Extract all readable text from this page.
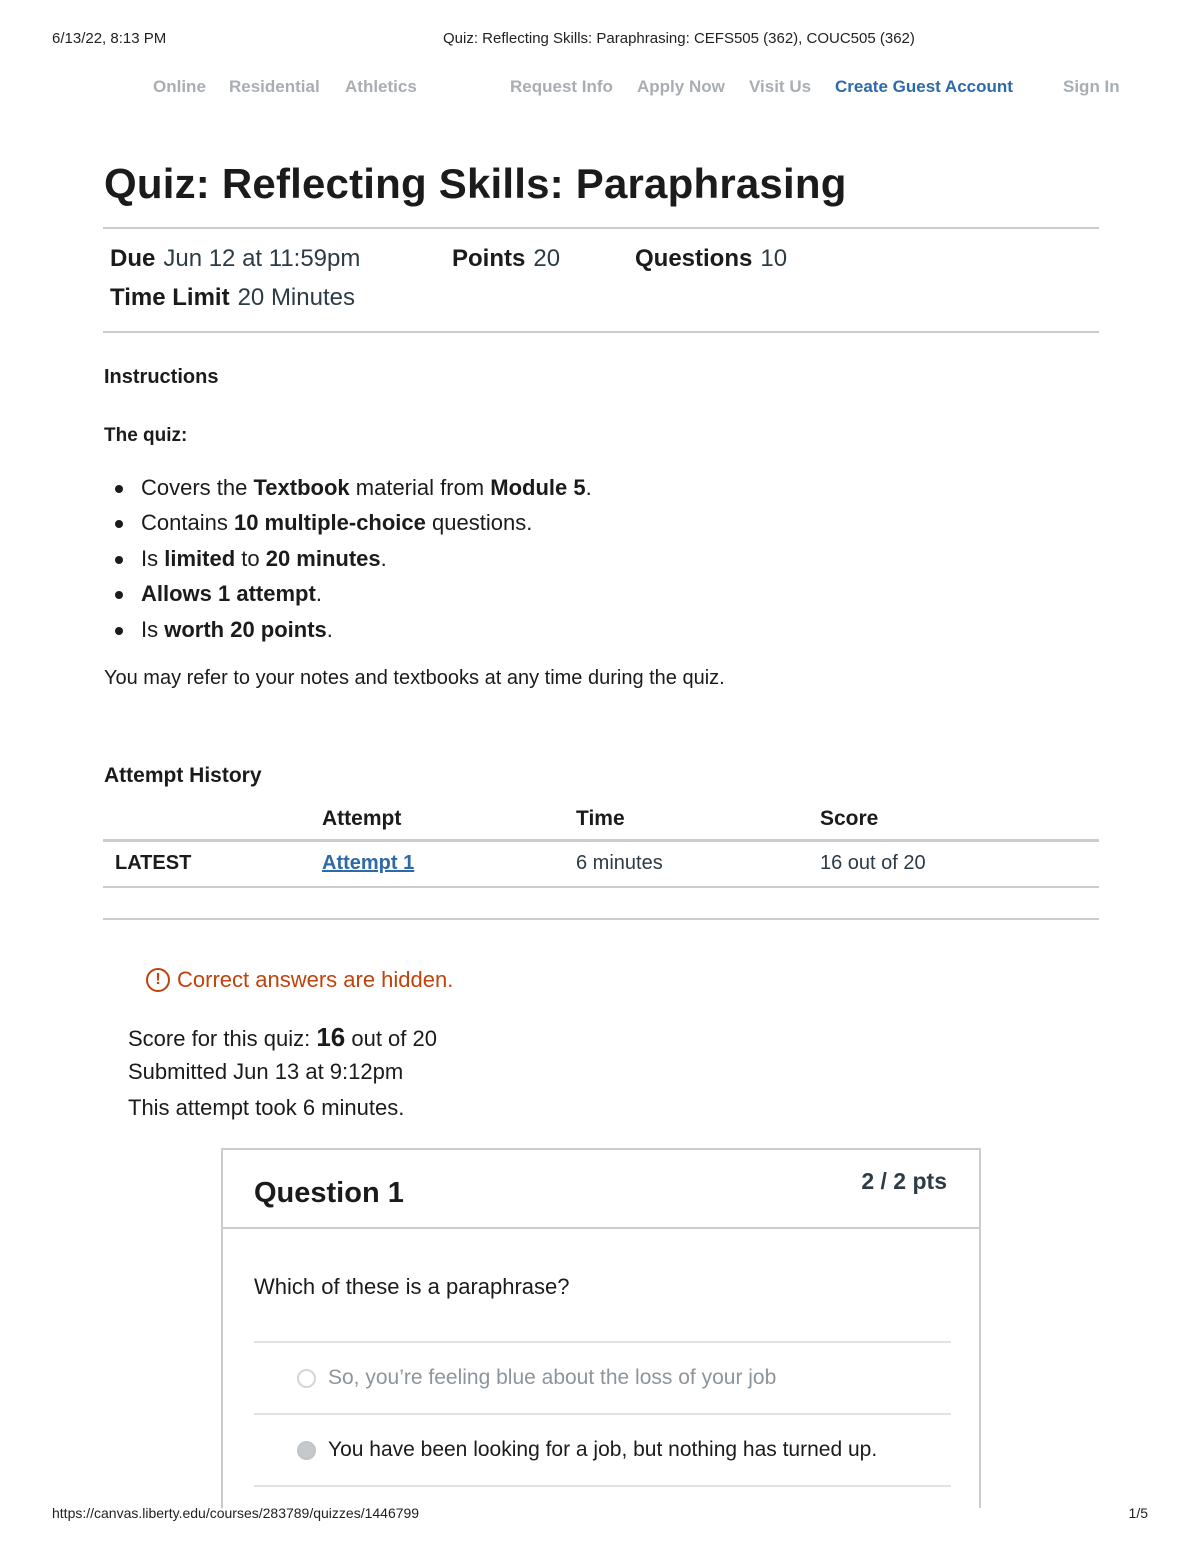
6/13/22, 8:13 PM	Quiz: Reflecting Skills: Paraphrasing: CEFS505 (362), COUC505 (362)
Online Residential Athletics	Request Info Apply Now Visit Us Create Guest Account	Sign In
Quiz: Reflecting Skills: Paraphrasing
Due Jun 12 at 11:59pm	Points 20	Questions 10
Time Limit 20 Minutes
Instructions
The quiz:
Covers the Textbook material from Module 5.
Contains 10 multiple-choice questions.
Is limited to 20 minutes.
Allows 1 attempt.
Is worth 20 points.
You may refer to your notes and textbooks at any time during the quiz.
Attempt History
	Attempt	Time	Score
LATEST	Attempt 1	6 minutes	16 out of 20
! Correct answers are hidden.
Score for this quiz: 16 out of 20
Submitted Jun 13 at 9:12pm
This attempt took 6 minutes.
Question 1	2 / 2 pts
Which of these is a paraphrase?
So, you’re feeling blue about the loss of your job
You have been looking for a job, but nothing has turned up.
https://canvas.liberty.edu/courses/283789/quizzes/1446799	1/5
